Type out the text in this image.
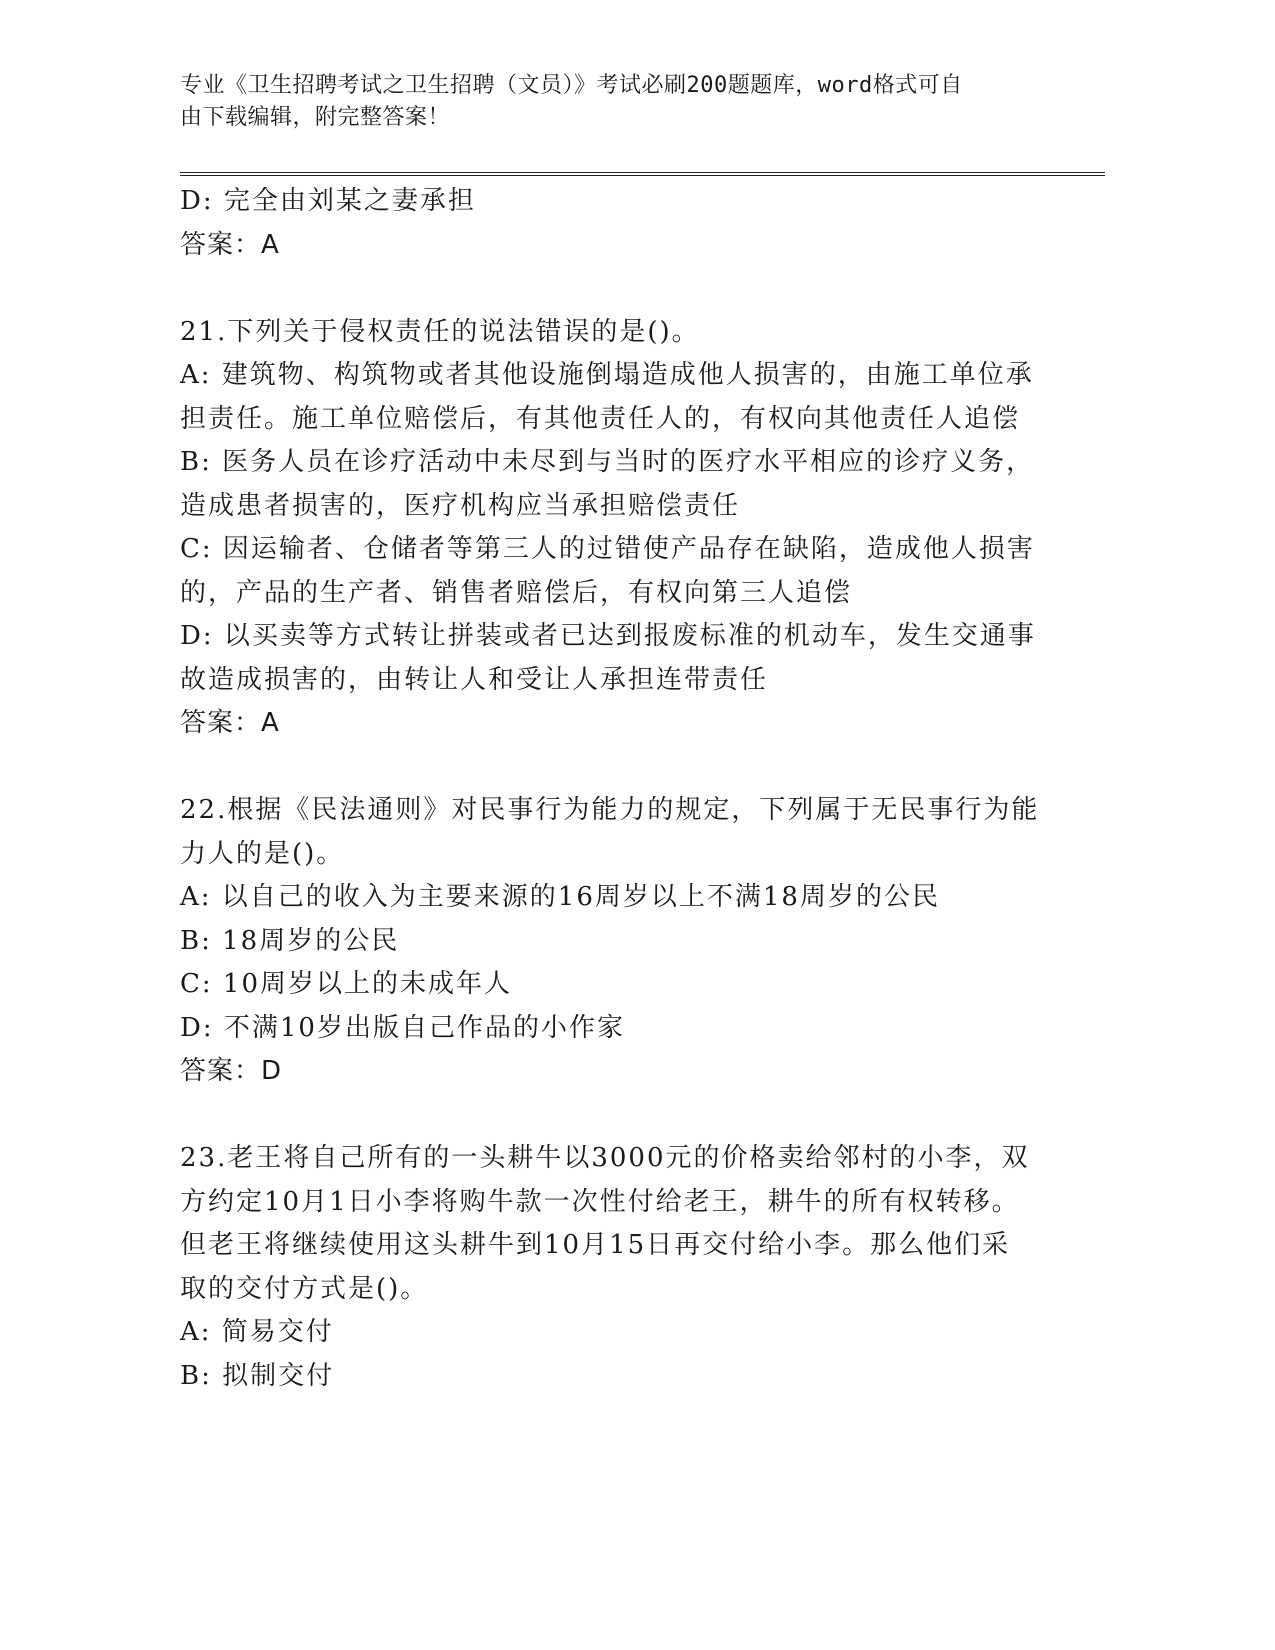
专业《卫生招聘考试之卫生招聘（文员）》考试必刷200题题库，word格式可自
由下载编辑，附完整答案！
D: 完全由刘某之妻承担
答案：A
21.下列关于侵权责任的说法错误的是()。
A: 建筑物、构筑物或者其他设施倒塌造成他人损害的，由施工单位承
担责任。施工单位赔偿后，有其他责任人的，有权向其他责任人追偿
B: 医务人员在诊疗活动中未尽到与当时的医疗水平相应的诊疗义务，
造成患者损害的，医疗机构应当承担赔偿责任
C: 因运输者、仓储者等第三人的过错使产品存在缺陷，造成他人损害
的，产品的生产者、销售者赔偿后，有权向第三人追偿
D: 以买卖等方式转让拼装或者已达到报废标准的机动车，发生交通事
故造成损害的，由转让人和受让人承担连带责任
答案：A
22.根据《民法通则》对民事行为能力的规定，下列属于无民事行为能
力人的是()。
A: 以自己的收入为主要来源的16周岁以上不满18周岁的公民
B: 18周岁的公民
C: 10周岁以上的未成年人
D: 不满10岁出版自己作品的小作家
答案：D
23.老王将自己所有的一头耕牛以3000元的价格卖给邻村的小李，双
方约定10月1日小李将购牛款一次性付给老王，耕牛的所有权转移。
但老王将继续使用这头耕牛到10月15日再交付给小李。那么他们采
取的交付方式是()。
A: 简易交付
B: 拟制交付
